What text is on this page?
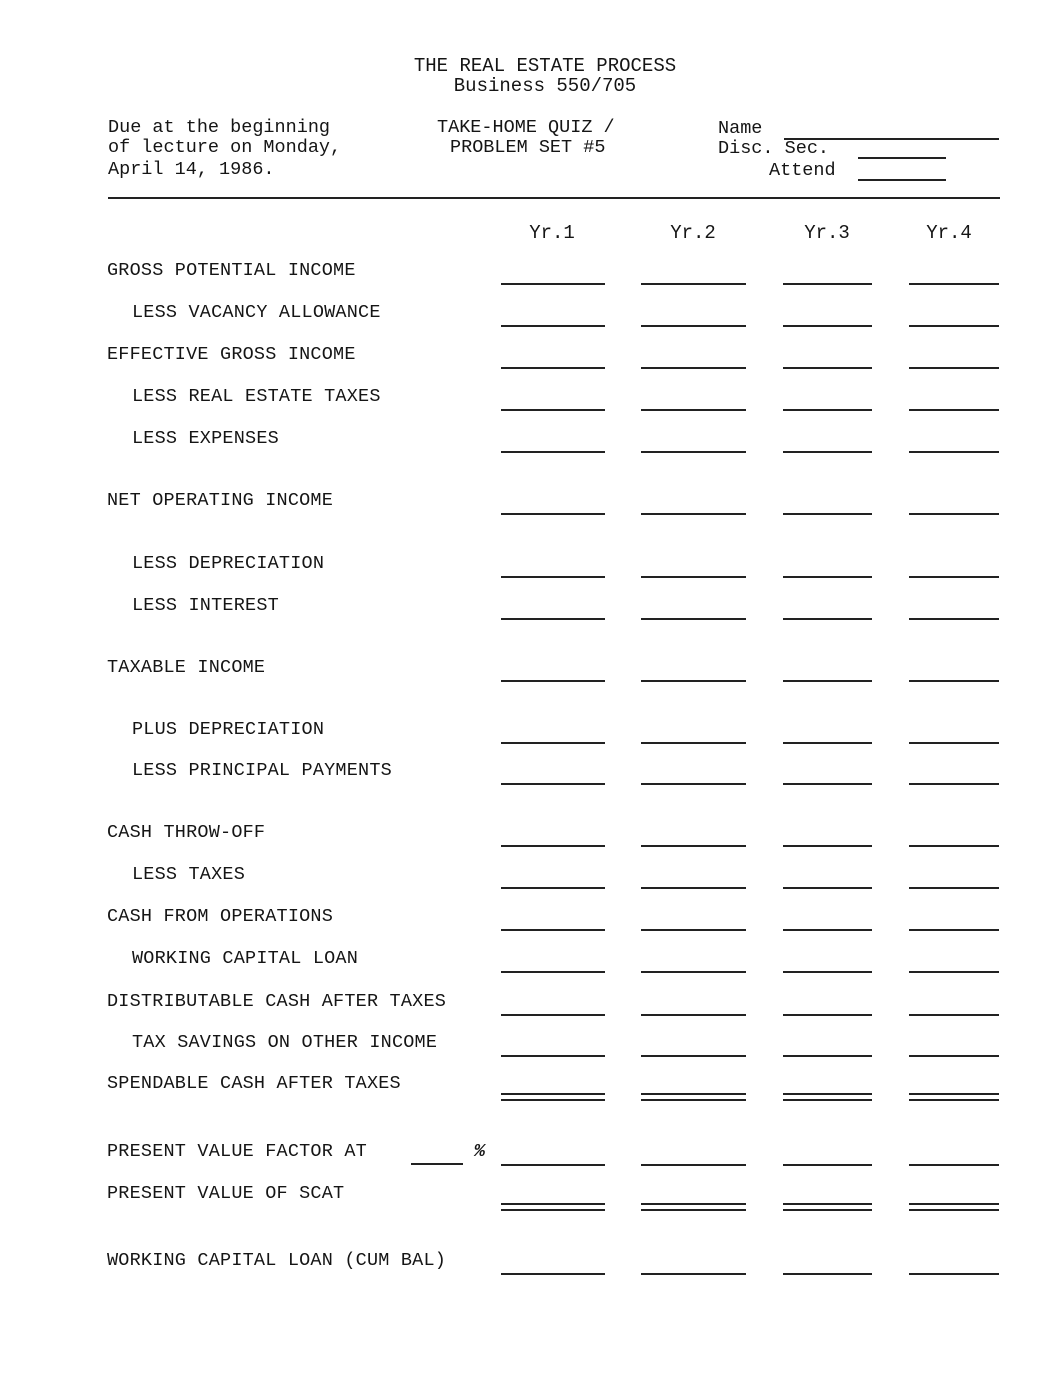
THE REAL ESTATE PROCESS
Business 550/705
Due at the beginning
of lecture on Monday,
April 14, 1986.
TAKE-HOME QUIZ /
PROBLEM SET #5
Name
Disc. Sec.
Attend
Yr.1	Yr.2	Yr.3	Yr.4
GROSS POTENTIAL INCOME
LESS VACANCY ALLOWANCE
EFFECTIVE GROSS INCOME
LESS REAL ESTATE TAXES
LESS EXPENSES
NET OPERATING INCOME
LESS DEPRECIATION
LESS INTEREST
TAXABLE INCOME
PLUS DEPRECIATION
LESS PRINCIPAL PAYMENTS
CASH THROW-OFF
LESS TAXES
CASH FROM OPERATIONS
WORKING CAPITAL LOAN
DISTRIBUTABLE CASH AFTER TAXES
TAX SAVINGS ON OTHER INCOME
SPENDABLE CASH AFTER TAXES
PRESENT VALUE FACTOR AT	%
PRESENT VALUE OF SCAT
WORKING CAPITAL LOAN (CUM BAL)
